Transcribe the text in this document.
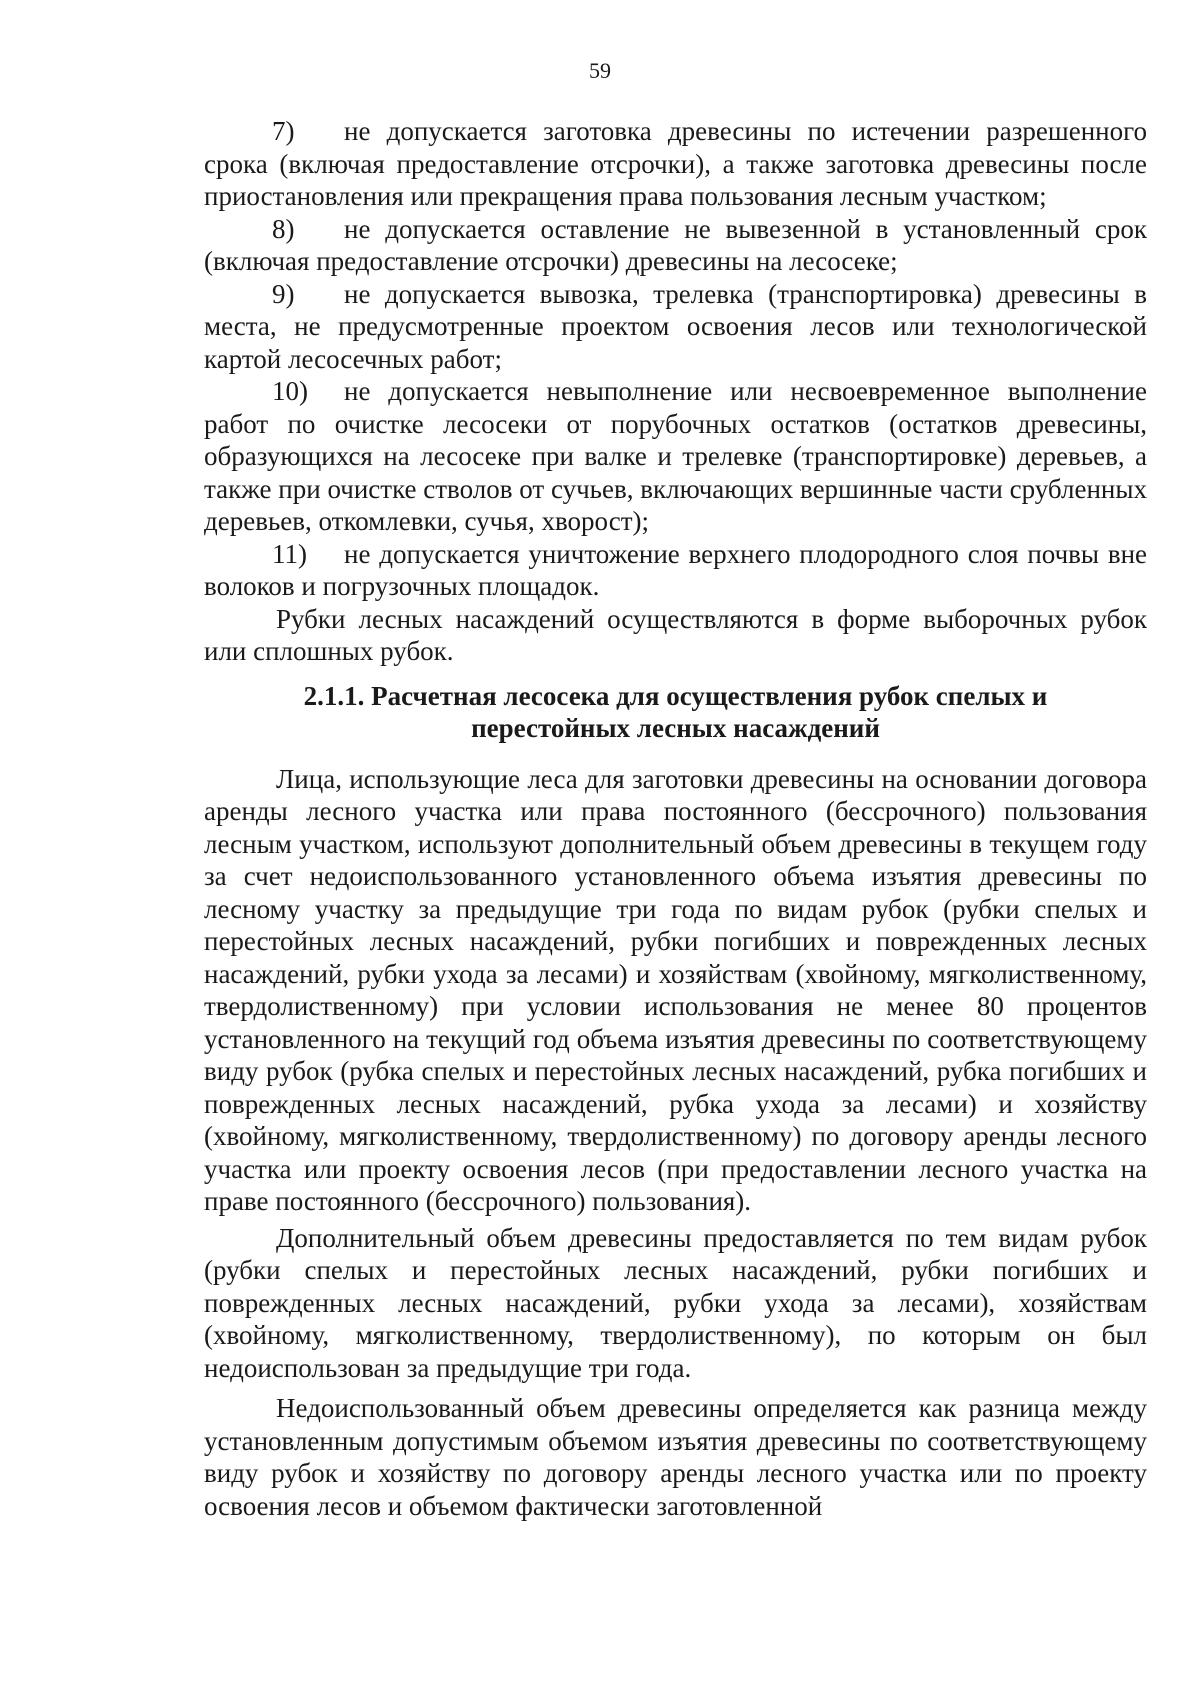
59

7) не допускается заготовка древесины по истечении разрешенного срока (включая предоставление отсрочки), а также заготовка древесины после приостановления или прекращения права пользования лесным участком;

8) не допускается оставление не вывезенной в установленный срок (включая предоставление отсрочки) древесины на лесосеке;

9) не допускается вывозка, трелевка (транспортировка) древесины в места, не предусмотренные проектом освоения лесов или технологической картой лесосечных работ;

10) не допускается невыполнение или несвоевременное выполнение работ по очистке лесосеки от порубочных остатков (остатков древесины, образующихся на лесосеке при валке и трелевке (транспортировке) деревьев, а также при очистке стволов от сучьев, включающих вершинные части срубленных деревьев, откомлевки, сучья, хворост);

11) не допускается уничтожение верхнего плодородного слоя почвы вне волоков и погрузочных площадок.

Рубки лесных насаждений осуществляются в форме выборочных рубок или сплошных рубок.

2.1.1. Расчетная лесосека для осуществления рубок спелых и
перестойных лесных насаждений

Лица, использующие леса для заготовки древесины на основании договора аренды лесного участка или права постоянного (бессрочного) пользования лесным участком, используют дополнительный объем древесины в текущем году за счет недоиспользованного установленного объема изъятия древесины по лесному участку за предыдущие три года по видам рубок (рубки спелых и перестойных лесных насаждений, рубки погибших и поврежденных лесных насаждений, рубки ухода за лесами) и хозяйствам (хвойному, мягколиственному, твердолиственному) при условии использования не менее 80 процентов установленного на текущий год объема изъятия древесины по соответствующему виду рубок (рубка спелых и перестойных лесных насаждений, рубка погибших и поврежденных лесных насаждений, рубка ухода за лесами) и хозяйству (хвойному, мягколиственному, твердолиственному) по договору аренды лесного участка или проекту освоения лесов (при предоставлении лесного участка на праве постоянного (бессрочного) пользования).

Дополнительный объем древесины предоставляется по тем видам рубок (рубки спелых и перестойных лесных насаждений, рубки погибших и поврежденных лесных насаждений, рубки ухода за лесами), хозяйствам (хвойному, мягколиственному, твердолиственному), по которым он был недоиспользован за предыдущие три года.

Недоиспользованный объем древесины определяется как разница между установленным допустимым объемом изъятия древесины по соответствующему виду рубок и хозяйству по договору аренды лесного участка или по проекту освоения лесов и объемом фактически заготовленной
